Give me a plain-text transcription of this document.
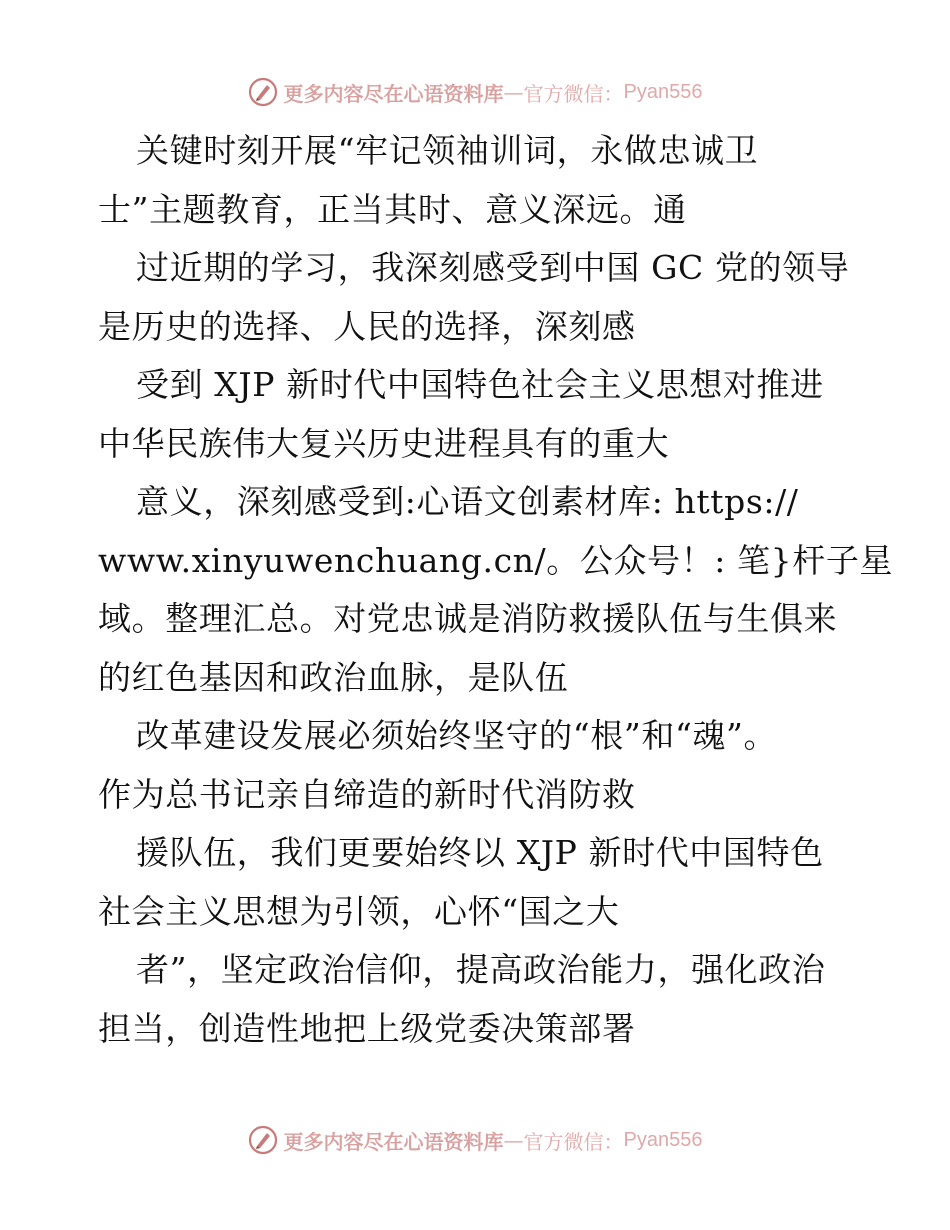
更多内容尽在心语资料库 — 官方微信： Pyan556
关键时刻开展“牢记领袖训词，永做忠诚卫
士”主题教育，正当其时、意义深远。通
过近期的学习，我深刻感受到中国 GC 党的领导
是历史的选择、人民的选择，深刻感
受到 XJP 新时代中国特色社会主义思想对推进
中华民族伟大复兴历史进程具有的重大
意义，深刻感受到:心语文创素材库: https://
www.xinyuwenchuang.cn/。公众号！: 笔}杆子星
域。整理汇总。对党忠诚是消防救援队伍与生俱来
的红色基因和政治血脉，是队伍
改革建设发展必须始终坚守的“根”和“魂”。
作为总书记亲自缔造的新时代消防救
援队伍，我们更要始终以 XJP 新时代中国特色
社会主义思想为引领，心怀“国之大
者”，坚定政治信仰，提高政治能力，强化政治
担当，创造性地把上级党委决策部署
更多内容尽在心语资料库 — 官方微信： Pyan556
